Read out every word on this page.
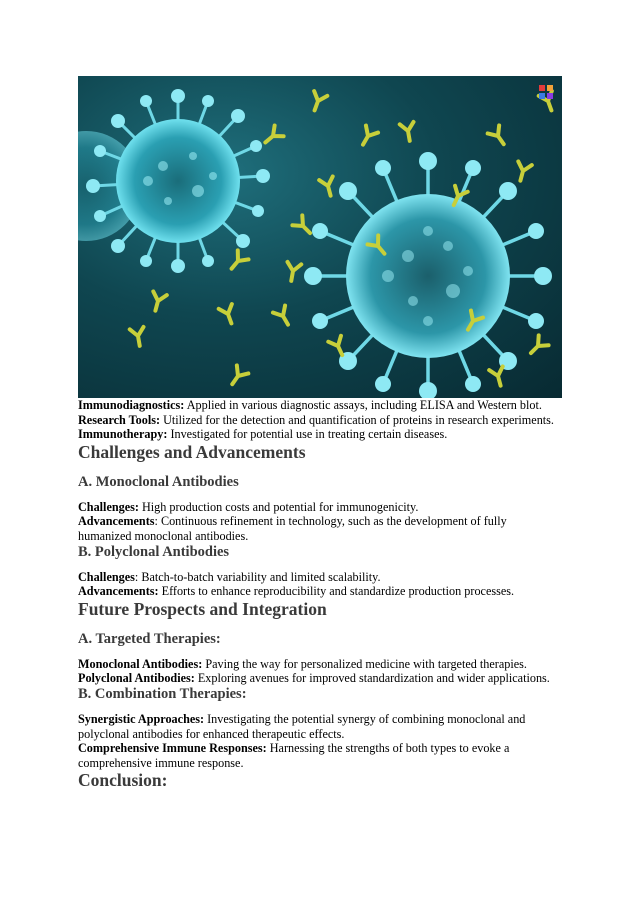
Immunodiagnostics: Applied in various diagnostic assays, including ELISA and Western blot.

Research Tools: Utilized for the detection and quantification of proteins in research experiments.

Immunotherapy: Investigated for potential use in treating certain diseases.

Challenges and Advancements
A. Monoclonal Antibodies

Challenges: High production costs and potential for immunogenicity.

Advancements: Continuous refinement in technology, such as the development of fully humanized monoclonal antibodies.

B. Polyclonal Antibodies

Challenges: Batch-to-batch variability and limited scalability.

Advancements: Efforts to enhance reproducibility and standardize production processes.

Future Prospects and Integration
A. Targeted Therapies:

Monoclonal Antibodies: Paving the way for personalized medicine with targeted therapies.

Polyclonal Antibodies: Exploring avenues for improved standardization and wider applications.

B. Combination Therapies:

Synergistic Approaches: Investigating the potential synergy of combining monoclonal and polyclonal antibodies for enhanced therapeutic effects.

Comprehensive Immune Responses: Harnessing the strengths of both types to evoke a comprehensive immune response.

Conclusion:
